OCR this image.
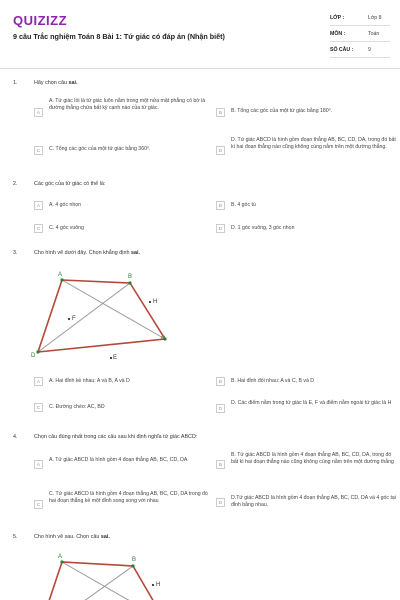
QUIZIZZ
9 câu Trắc nghiệm Toán 8 Bài 1: Tứ giác có đáp án (Nhận biết)
LỚP :	Lớp 8
MÔN :	Toán
SỐ CÂU :	9
1.	Hãy chọn câu sai.
A
A. Tứ giác lồi là tứ giác luôn nằm trong một nửa mặt phẳng có bờ là đường thẳng chứa bất kỳ cạnh nào của tứ giác.
B	B. Tổng các góc của một tứ giác bằng 180⁰.
C	C. Tổng các góc của một tứ giác bằng 360⁰.	D
D. Tứ giác ABCD là hình gồm đoạn thẳng AB, BC, CD, DA, trong đó bất kì hai đoạn thẳng nào cũng không cùng nằm trên một đường thẳng.
2.	Các góc của tứ giác có thể là:
A	A. 4 góc nhọn	B	B. 4 góc tù
C	C. 4 góc vuông	D	D. 1 góc vuông, 3 góc nhọn
3.	Cho hình vẽ dưới đây. Chọn khẳng định sai.
A	B
C
D	E
F
H
A	A. Hai đỉnh kề nhau: A và B, A và D	B	B. Hai đỉnh đối nhau: A và C, B và D
C	C. Đường chéo: AC, BD	D
D. Các điểm nằm trong tứ giác là E, F và điểm nằm ngoài tứ giác là H
4.	Chọn câu đúng nhất trong các câu sau khi định nghĩa tứ giác ABCD:
A
A. Tứ giác ABCD là hình gồm 4 đoạn thẳng AB, BC, CD, DA
B
B. Tứ giác ABCD là hình gồm 4 đoạn thẳng AB, BC, CD, DA, trong đó bất kì hai đoạn thẳng nào cũng không cùng nằm trên một đường thẳng
C
C. Tứ giác ABCD là hình gồm 4 đoạn thẳng AB, BC, CD, DA trong đó hai đoạn thẳng kề một đỉnh song song với nhau	D
D.Tứ giác ABCD là hình gồm 4 đoạn thẳng AB, BC, CD, DA và 4 góc tại đỉnh bằng nhau.
5.	Cho hình vẽ sau. Chọn câu sai.
A	B
H
